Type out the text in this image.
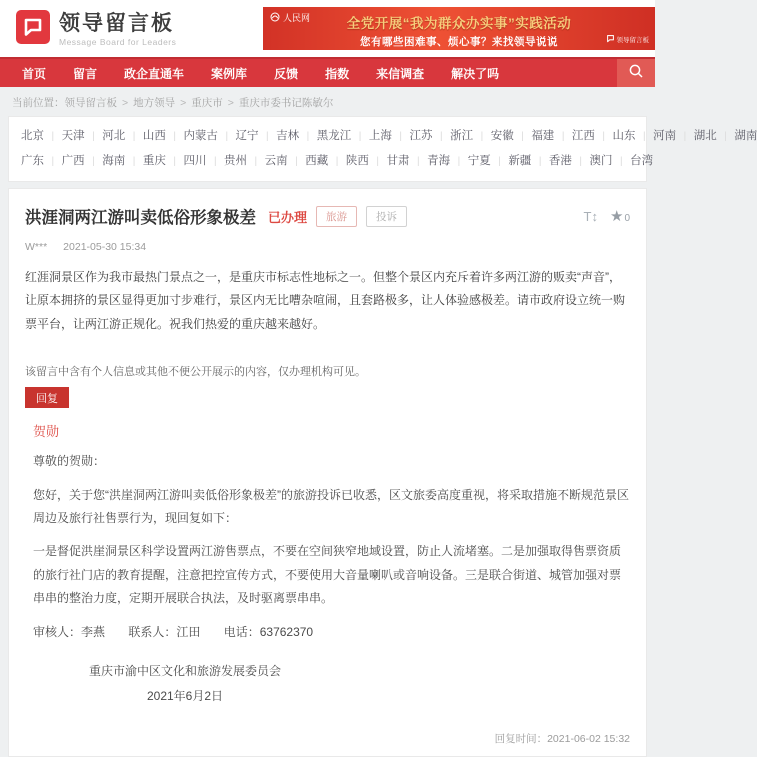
领导留言板
Message Board for Leaders
人民网	全党开展“我为群众办实事”实践活动
您有哪些困难事、烦心事？来找领导说说	领导留言板
首页 留言 政企直通车 案例库 反馈 指数 来信调查 解决了吗
当前位置：领导留言板 > 地方领导 > 重庆市 > 重庆市委书记陈敏尔
北京 | 天津 | 河北 | 山西 | 内蒙古 | 辽宁 | 吉林 | 黑龙江 | 上海 | 江苏 | 浙江 | 安徽 | 福建 | 江西 | 山东 | 河南 | 湖北 | 湖南
广东 | 广西 | 海南 | 重庆 | 四川 | 贵州 | 云南 | 西藏 | 陕西 | 甘肃 | 青海 | 宁夏 | 新疆 | 香港 | 澳门 | 台湾
洪涯洞两江游叫卖低俗形象极差 已办理	旅游	投诉	T↕ ★ 0
W*** 2021-05-30 15:34

红涯洞景区作为我市最热门景点之一，是重庆市标志性地标之一。但整个景区内充斥着许多两江游的贩卖“声音”，让原本拥挤的景区显得更加寸步难行，景区内无比嘈杂喧闹，且套路极多，让人体验感极差。请市政府设立统一购票平台，让两江游正规化。祝我们热爱的重庆越来越好。

该留言中含有个人信息或其他不便公开展示的内容，仅办理机构可见。

回复
贺勋

尊敬的贺勋：

您好，关于您“洪崖洞两江游叫卖低俗形象极差”的旅游投诉已收悉，区文旅委高度重视，将采取措施不断规范景区周边及旅行社售票行为，现回复如下：

一是督促洪崖洞景区科学设置两江游售票点，不要在空间狭窄地域设置，防止人流堵塞。二是加强取得售票资质的旅行社门店的教育提醒，注意把控宣传方式，不要使用大音量喇叭或音响设备。三是联合街道、城管加强对票串串的整治力度，定期开展联合执法，及时驱离票串串。

审核人：李燕 联系人：江田 电话：63762370

重庆市渝中区文化和旅游发展委员会
2021年6月2日
回复时间：2021-06-02 15:32
